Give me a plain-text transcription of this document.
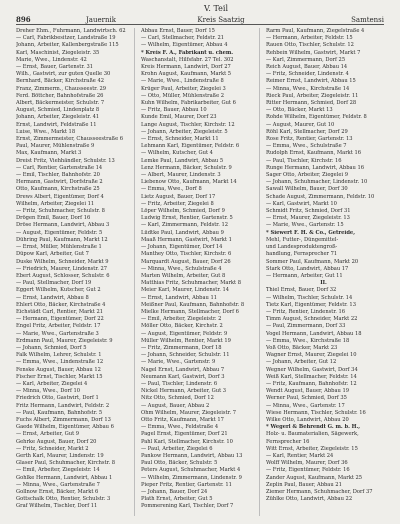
896	Jauernik
V. Teil
Kreis Saatzig	Samtensi
Dreher Ehm., Fuhrmann, Landwirtsch. 62
— Carl, Fabrikbesitzer, Landstraße 19
Johann, Arbeiter, Kallenbergstraße 115
Karl, Maschinist, Ziegeleistr. 35
Marie, Wwe., Lindenstr. 42
— Ernst, Bauer, Gartenstr. 31
Wilh., Gastwirt, zur guten Quelle 30
Bernhard, Bäcker, Kirchstraße 42
Franz, Zimmerm., Chausseestr. 29
Ferd. Böttcher, Bahnhofstraße 26
Albert, Bäckermeister, Schulstr. 7
August, Schmied, Lindenplatz 8
Johann, Arbeiter, Ziegeleistr. 41
Ernst, Landwirt, Feldstraße 11
Luise, Wwe., Markt 18
Ernst, Zimmermeister, Chausseestraße 6
Paul, Maurer, Mühlenstraße 9
Max, Kaufmann, Markt 3
Dreist Fritz, Viehhändler, Schulstr. 13
— Carl, Rentier, Gartenstraße 14
— Emil, Tischler, Bahnhofstr. 20
Hermann, Gastwirt, Dorfstraße 2
Otto, Kaufmann, Kirchstraße 25
Drews Albert, Eigentümer, Dorf 4
Wilhelm, Arbeiter, Ziegelei 11
— Fritz, Schuhmacher, Schulstr. 8
Drögen Emil, Bauer, Dorf 16
Dröse Hermann, Landwirt, Abbau 3
— August, Eigentümer, Feldstr. 5
Dühring Paul, Kaufmann, Markt 12
— Ernst, Müller, Mühlenstraße 1
Düpow Karl, Arbeiter, Gut 7
Duske Wilhelm, Schneider, Markt 9
— Friedrich, Maurer, Lindenstr. 27
Ebert August, Schlosser, Schulstr. 6
— Paul, Stellmacher, Dorf 19
Eggert Wilhelm, Kutscher, Gut 2
— Ernst, Landwirt, Abbau 8
Ehlert Otto, Bäcker, Kirchstraße 4
Eichstädt Carl, Rentier, Markt 21
— Hermann, Eigentümer, Dorf 22
Engel Fritz, Arbeiter, Feldstr. 17
— Marie, Wwe., Gartenstraße 3
Erdmann Paul, Maurer, Ziegeleistr. 9
— Johann, Schmied, Dorf 5
Falk Wilhelm, Lehrer, Schulstr. 1
— Emma, Wwe., Lindenstraße 12
Fenske August, Bauer, Abbau 12
Fischer Ernst, Tischler, Markt 15
— Karl, Arbeiter, Ziegelei 4
— Minna, Wwe., Dorf 10
Friedrich Otto, Gastwirt, Dorf 1
Fritz Hermann, Landwirt, Feldstr. 2
— Paul, Kaufmann, Bahnhofstr. 5
Fuchs Albert, Zimmermann, Dorf 13
Gaede Wilhelm, Eigentümer, Abbau 6
— Ernst, Arbeiter, Gut 9
Gehrke August, Bauer, Dorf 20
— Fritz, Schneider, Markt 2
Gerth Karl, Maurer, Lindenstr. 19
Glaser Paul, Schuhmacher, Kirchstr. 8
— Emil, Arbeiter, Ziegeleistr. 14
Gohlke Hermann, Landwirt, Abbau 1
— Minna, Wwe., Gartenstraße 7
Gollnow Ernst, Bäcker, Markt 6
Gottschalk Otto, Rentier, Schulstr. 3
Graf Wilhelm, Tischler, Dorf 11
Abbau Ernst, Bauer, Dorf 15
— Carl, Stellmacher, Feldstr. 21
— Wilhelm, Eigentümer, Abbau 4
* Kreis F. A., Fabrikant u. chem.
Waschanstalt, Hilfsfabr. 27 Tel. 302
Kreis Hermann, Landwirt, Dorf 27
Krohn August, Kaufmann, Markt 5
— Marie, Wwe., Lindenstraße 8
Krüger Paul, Arbeiter, Ziegelei 3
— Otto, Müller, Mühlenstraße 2
Kuhn Wilhelm, Fabrikarbeiter, Gut 6
— Fritz, Bauer, Abbau 10
Kunde Emil, Maurer, Dorf 23
Lange August, Tischler, Kirchstr. 12
— Johann, Arbeiter, Ziegeleistr. 5
— Ernst, Schneider, Markt 11
Lehmann Karl, Eigentümer, Feldstr. 6
— Wilhelm, Kutscher, Gut 4
Lemke Paul, Landwirt, Abbau 5
Lenz Hermann, Bäcker, Schulstr. 9
— Albert, Maurer, Lindenstr. 3
Liebenow Otto, Kaufmann, Markt 14
— Emma, Wwe., Dorf 8
Lietz August, Bauer, Dorf 17
— Fritz, Arbeiter, Ziegelei 8
Löper Wilhelm, Schmied, Dorf 9
Ludwig Ernst, Rentier, Gartenstr. 5
— Karl, Zimmermann, Feldstr. 12
Lüdtke Paul, Landwirt, Abbau 9
Maaß Hermann, Gastwirt, Markt 1
— Johann, Eigentümer, Dorf 14
Manthey Otto, Tischler, Kirchstr. 6
Marquardt August, Bauer, Dorf 26
— Minna, Wwe., Schulstraße 4
Marten Wilhelm, Arbeiter, Gut 8
Matthias Fritz, Schuhmacher, Markt 8
Meier Karl, Maurer, Lindenstr. 14
— Ernst, Landwirt, Abbau 11
Meißner Paul, Kaufmann, Bahnhofstr. 8
Mielke Hermann, Stellmacher, Dorf 6
— Emil, Arbeiter, Ziegeleistr. 2
Möller Otto, Bäcker, Kirchstr. 2
— August, Eigentümer, Feldstr. 9
Müller Wilhelm, Rentier, Markt 19
— Fritz, Zimmermann, Dorf 18
— Johann, Schneider, Schulstr. 11
— Marie, Wwe., Gartenstr. 9
Nagel Ernst, Landwirt, Abbau 7
Neumann Karl, Gastwirt, Dorf 3
— Paul, Tischler, Lindenstr. 6
Nickel Hermann, Arbeiter, Gut 3
Nitz Otto, Schmied, Dorf 12
— August, Bauer, Abbau 2
Ohm Wilhelm, Maurer, Ziegeleistr. 7
Otto Fritz, Kaufmann, Markt 17
— Emma, Wwe., Feldstraße 4
Pagel Ernst, Eigentümer, Dorf 21
Pahl Karl, Stellmacher, Kirchstr. 10
— Paul, Arbeiter, Ziegelei 6
Pankow Hermann, Landwirt, Abbau 13
Paul Otto, Bäcker, Schulstr. 5
Peters August, Schuhmacher, Markt 4
— Wilhelm, Zimmermann, Lindenstr. 9
Pieper Fritz, Rentier, Gartenstr. 11
— Johann, Bauer, Dorf 24
Plath Ernst, Arbeiter, Gut 5
Pommerening Karl, Tischler, Dorf 7
Rarm Paul, Kaufmann, Ziegelstraße 4
— Hermann, Arbeiter, Feldstr. 15
Rauen Otto, Tischler, Schulstr. 12
Rehbein Wilhelm, Gastwirt, Markt 7
— Karl, Zimmermann, Dorf 25
Reich August, Bauer, Abbau 14
— Fritz, Schneider, Lindenstr. 4
Reimer Ernst, Landwirt, Abbau 15
— Minna, Wwe., Kirchstraße 14
Rieck Paul, Arbeiter, Ziegeleistr. 11
Ritter Hermann, Schmied, Dorf 28
— Otto, Bäcker, Markt 13
Rohde Wilhelm, Eigentümer, Feldstr. 8
— August, Maurer, Gut 10
Röhl Karl, Stellmacher, Dorf 29
Rose Fritz, Rentier, Gartenstr. 13
— Emma, Wwe., Schulstraße 7
Rudolph Ernst, Kaufmann, Markt 16
— Paul, Tischler, Kirchstr. 16
Runge Hermann, Landwirt, Abbau 16
Sager Otto, Arbeiter, Ziegelei 9
— Johann, Schuhmacher, Lindenstr. 10
Sawall Wilhelm, Bauer, Dorf 30
Schade August, Zimmermann, Feldstr. 10
— Karl, Gastwirt, Markt 10
Schmidt Fritz, Schmied, Dorf 31
— Ernst, Maurer, Ziegeleistr. 13
— Marie, Wwe., Gartenstr. 15
* Siewert F. H. & Co., Getreide,
Mehl, Futter-, Düngemittel-
und Landesproduktengroß-
handlung, Fernsprecher 71
Sommer Paul, Kaufmann, Markt 20
Stark Otto, Landwirt, Abbau 17
— Hermann, Arbeiter, Gut 11
II.
Thiel Ernst, Bauer, Dorf 32
— Wilhelm, Tischler, Schulstr. 14
Tietz Karl, Eigentümer, Feldstr. 13
— Fritz, Rentier, Lindenstr. 16
Timm August, Schneider, Markt 22
— Paul, Zimmermann, Dorf 33
Vogel Hermann, Landwirt, Abbau 18
— Emma, Wwe., Kirchstraße 18
Voß Otto, Bäcker, Markt 23
Wagner Ernst, Maurer, Ziegelei 10
— Johann, Arbeiter, Gut 12
Wegner Wilhelm, Gastwirt, Dorf 34
Weiß Karl, Stellmacher, Feldstr. 14
— Fritz, Kaufmann, Bahnhofstr. 12
Wendt August, Bauer, Abbau 19
Werner Paul, Schmied, Dorf 35
— Minna, Wwe., Gartenstr. 17
Wiese Hermann, Tischler, Schulstr. 16
Wilke Otto, Landwirt, Abbau 20
* Wegerl & Behrendt G. m. b. H.,
Holz- u. Baumaterialien, Sägewerk,
Fernsprecher 16
Witt Ernst, Arbeiter, Ziegeleistr. 15
— Karl, Rentier, Markt 24
Wolff Wilhelm, Maurer, Dorf 36
— Fritz, Eigentümer, Feldstr. 16
Zander August, Kaufmann, Markt 25
Zeplin Paul, Bauer, Abbau 21
Ziemer Hermann, Schuhmacher, Dorf 37
Zühlke Otto, Landwirt, Abbau 22
